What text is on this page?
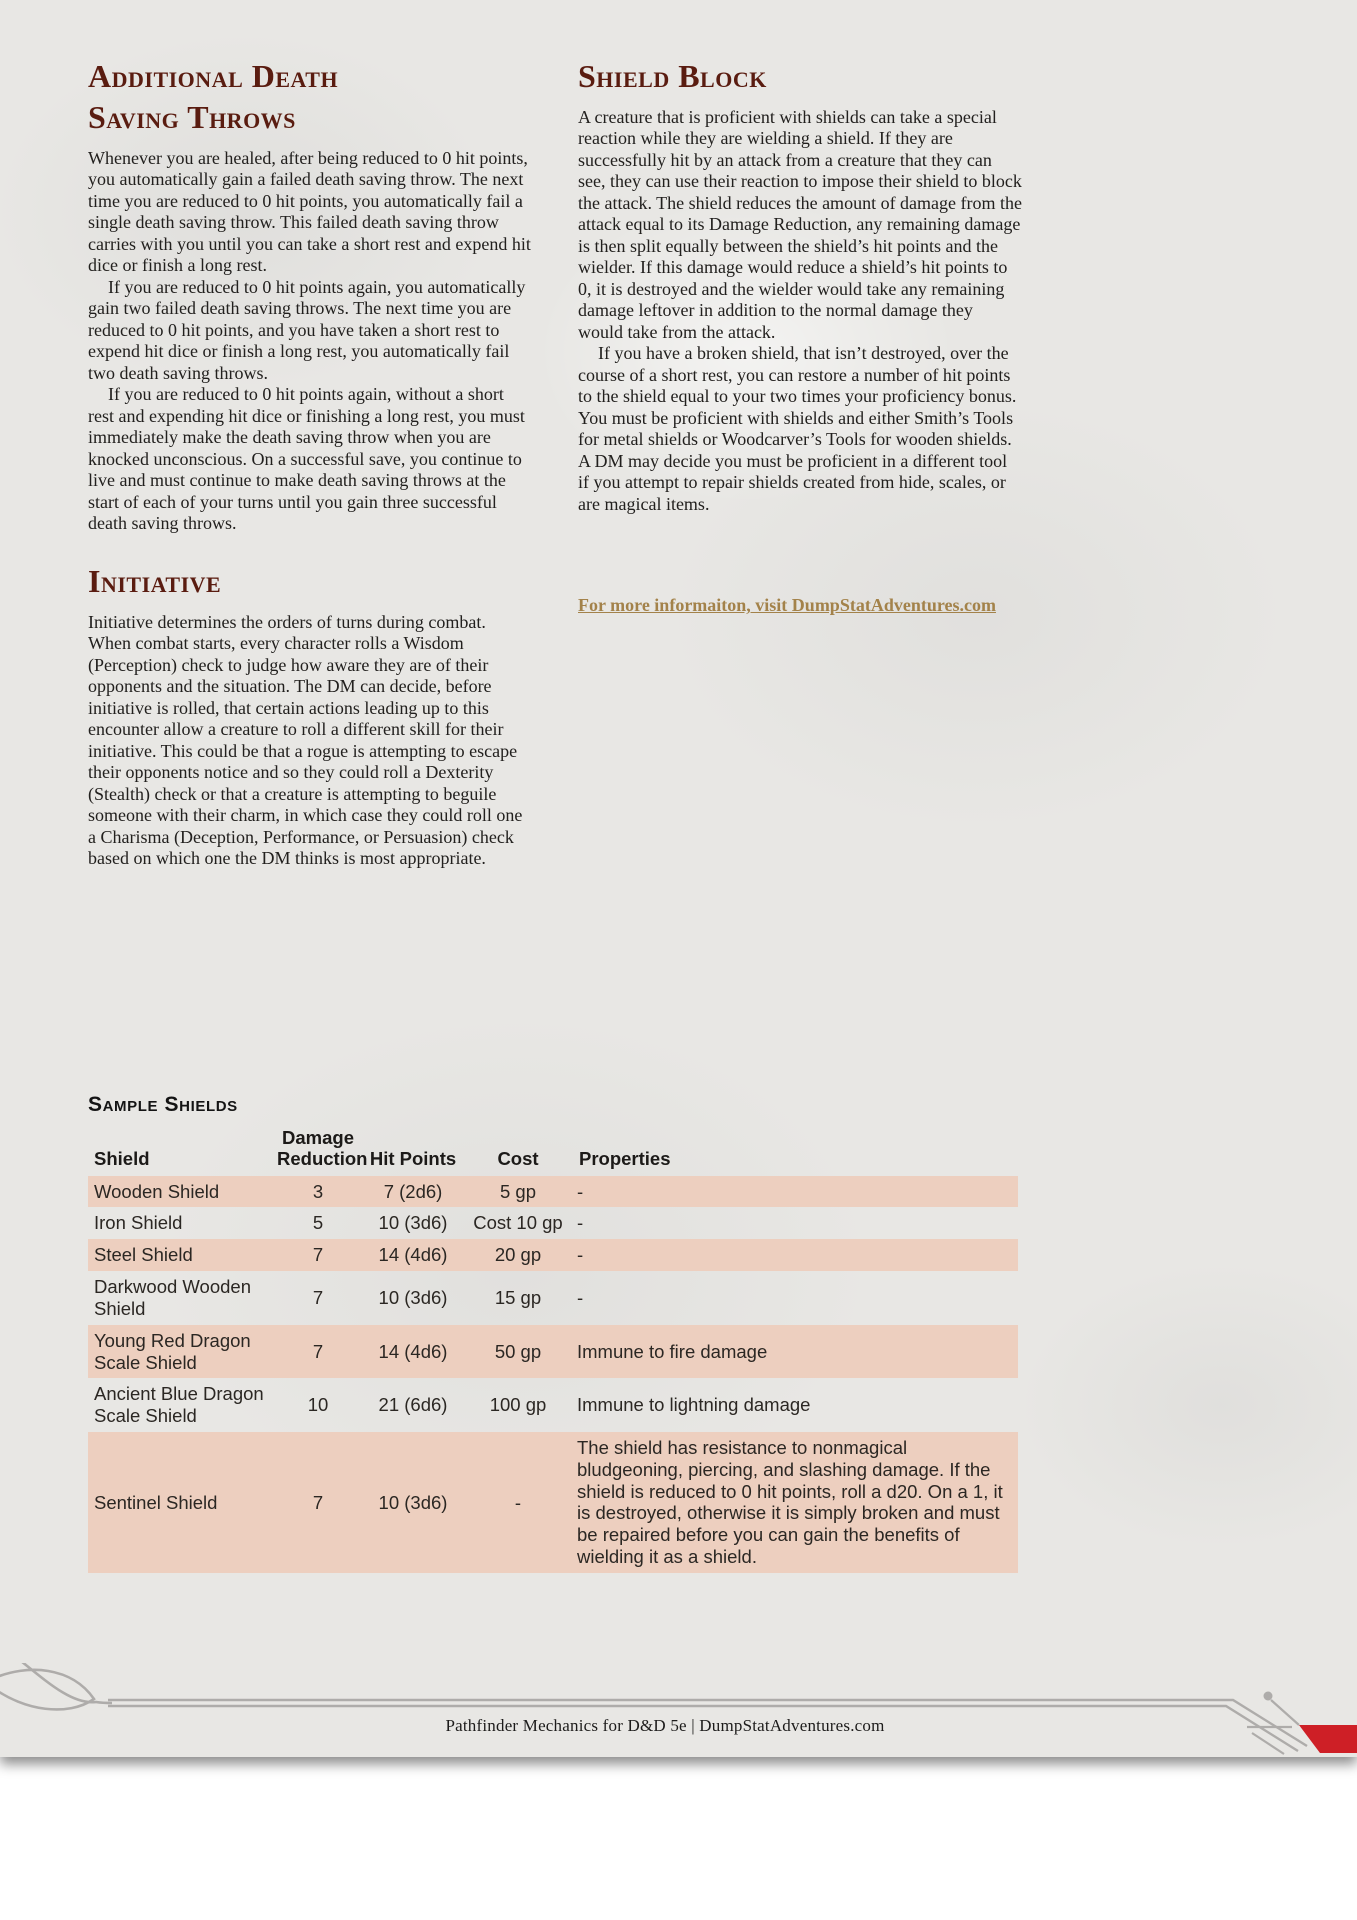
Additional Death Saving Throws

Whenever you are healed, after being reduced to 0 hit points, you automatically gain a failed death saving throw. The next time you are reduced to 0 hit points, you automatically fail a single death saving throw. This failed death saving throw carries with you until you can take a short rest and expend hit dice or finish a long rest.

If you are reduced to 0 hit points again, you automatically gain two failed death saving throws. The next time you are reduced to 0 hit points, and you have taken a short rest to expend hit dice or finish a long rest, you automatically fail two death saving throws.

If you are reduced to 0 hit points again, without a short rest and expending hit dice or finishing a long rest, you must immediately make the death saving throw when you are knocked unconscious. On a successful save, you continue to live and must continue to make death saving throws at the start of each of your turns until you gain three successful death saving throws.

Initiative

Initiative determines the orders of turns during combat. When combat starts, every character rolls a Wisdom (Perception) check to judge how aware they are of their opponents and the situation. The DM can decide, before initiative is rolled, that certain actions leading up to this encounter allow a creature to roll a different skill for their initiative. This could be that a rogue is attempting to escape their opponents notice and so they could roll a Dexterity (Stealth) check or that a creature is attempting to beguile someone with their charm, in which case they could roll one a Charisma (Deception, Performance, or Persuasion) check based on which one the DM thinks is most appropriate.

Shield Block

A creature that is proficient with shields can take a special reaction while they are wielding a shield. If they are successfully hit by an attack from a creature that they can see, they can use their reaction to impose their shield to block the attack. The shield reduces the amount of damage from the attack equal to its Damage Reduction, any remaining damage is then split equally between the shield’s hit points and the wielder. If this damage would reduce a shield’s hit points to 0, it is destroyed and the wielder would take any remaining damage leftover in addition to the normal damage they would take from the attack.

If you have a broken shield, that isn’t destroyed, over the course of a short rest, you can restore a number of hit points to the shield equal to your two times your proficiency bonus. You must be proficient with shields and either Smith’s Tools for metal shields or Woodcarver’s Tools for wooden shields. A DM may decide you must be proficient in a different tool if you attempt to repair shields created from hide, scales, or are magical items.

For more informaiton, visit DumpStatAdventures.com
Sample Shields
Shield	Damage Reduction	Hit Points	Cost	Properties
Wooden Shield	3	7 (2d6)	5 gp	-
Iron Shield	5	10 (3d6)	Cost 10 gp	-
Steel Shield	7	14 (4d6)	20 gp	-
Darkwood Wooden Shield	7	10 (3d6)	15 gp	-
Young Red Dragon Scale Shield	7	14 (4d6)	50 gp	Immune to fire damage
Ancient Blue Dragon Scale Shield	10	21 (6d6)	100 gp	Immune to lightning damage
Sentinel Shield	7	10 (3d6)	-	The shield has resistance to nonmagical bludgeoning, piercing, and slashing damage. If the shield is reduced to 0 hit points, roll a d20. On a 1, it is destroyed, otherwise it is simply broken and must be repaired before you can gain the benefits of wielding it as a shield.
Pathfinder Mechanics for D&D 5e | DumpStatAdventures.com
